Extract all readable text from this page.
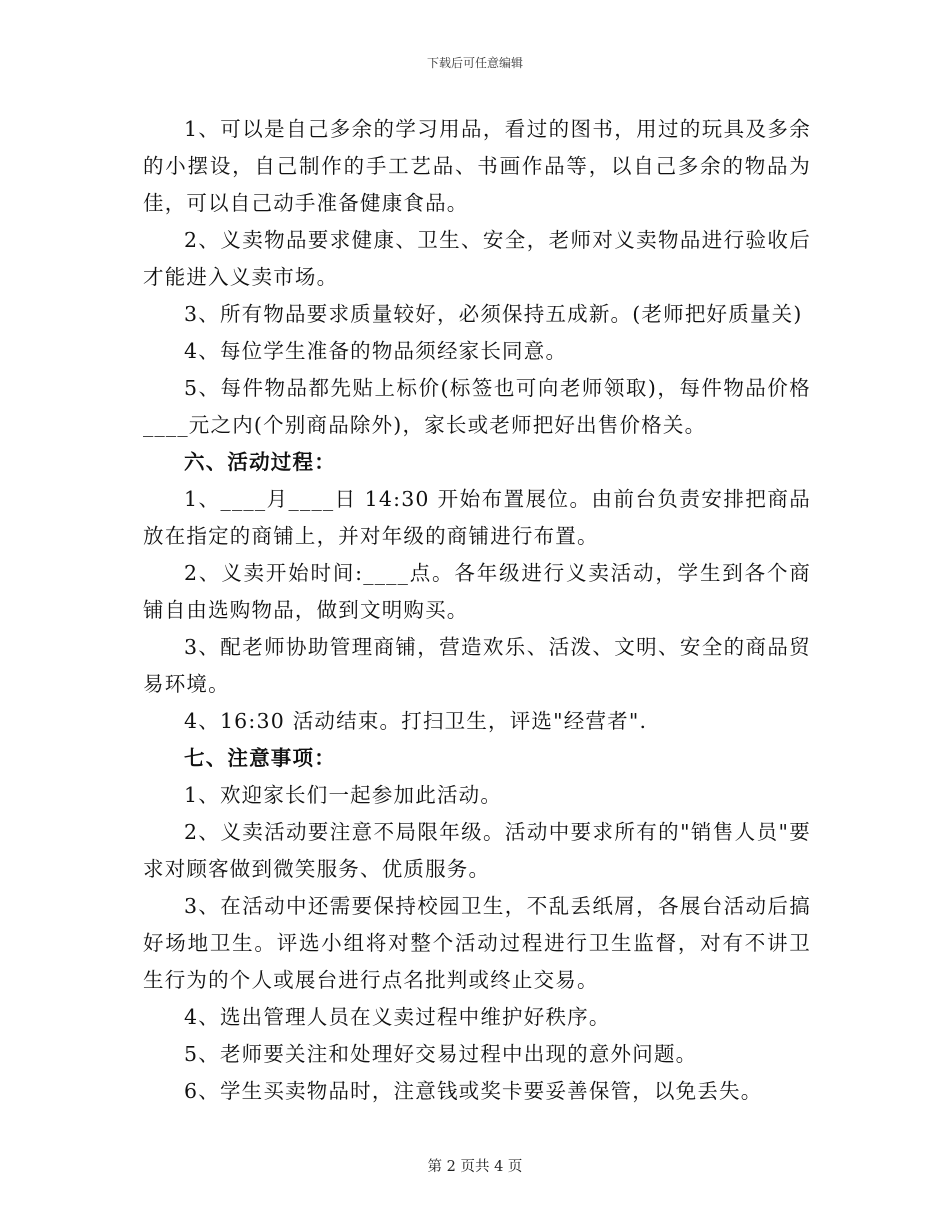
下载后可任意编辑

1、可以是自己多余的学习用品，看过的图书，用过的玩具及多余的小摆设，自己制作的手工艺品、书画作品等，以自己多余的物品为佳，可以自己动手准备健康食品。

2、义卖物品要求健康、卫生、安全，老师对义卖物品进行验收后才能进入义卖市场。

3、所有物品要求质量较好，必须保持五成新。(老师把好质量关)

4、每位学生准备的物品须经家长同意。

5、每件物品都先贴上标价(标签也可向老师领取)，每件物品价格____元之内(个别商品除外)，家长或老师把好出售价格关。

六、活动过程：

1、____月____日 14:30 开始布置展位。由前台负责安排把商品放在指定的商铺上，并对年级的商铺进行布置。

2、义卖开始时间:____点。各年级进行义卖活动，学生到各个商铺自由选购物品，做到文明购买。

3、配老师协助管理商铺，营造欢乐、活泼、文明、安全的商品贸易环境。

4、16:30 活动结束。打扫卫生，评选"经营者".

七、注意事项：

1、欢迎家长们一起参加此活动。

2、义卖活动要注意不局限年级。活动中要求所有的"销售人员"要求对顾客做到微笑服务、优质服务。

3、在活动中还需要保持校园卫生，不乱丢纸屑，各展台活动后搞好场地卫生。评选小组将对整个活动过程进行卫生监督，对有不讲卫生行为的个人或展台进行点名批判或终止交易。

4、选出管理人员在义卖过程中维护好秩序。

5、老师要关注和处理好交易过程中出现的意外问题。

6、学生买卖物品时，注意钱或奖卡要妥善保管，以免丢失。

第 2 页共 4 页
